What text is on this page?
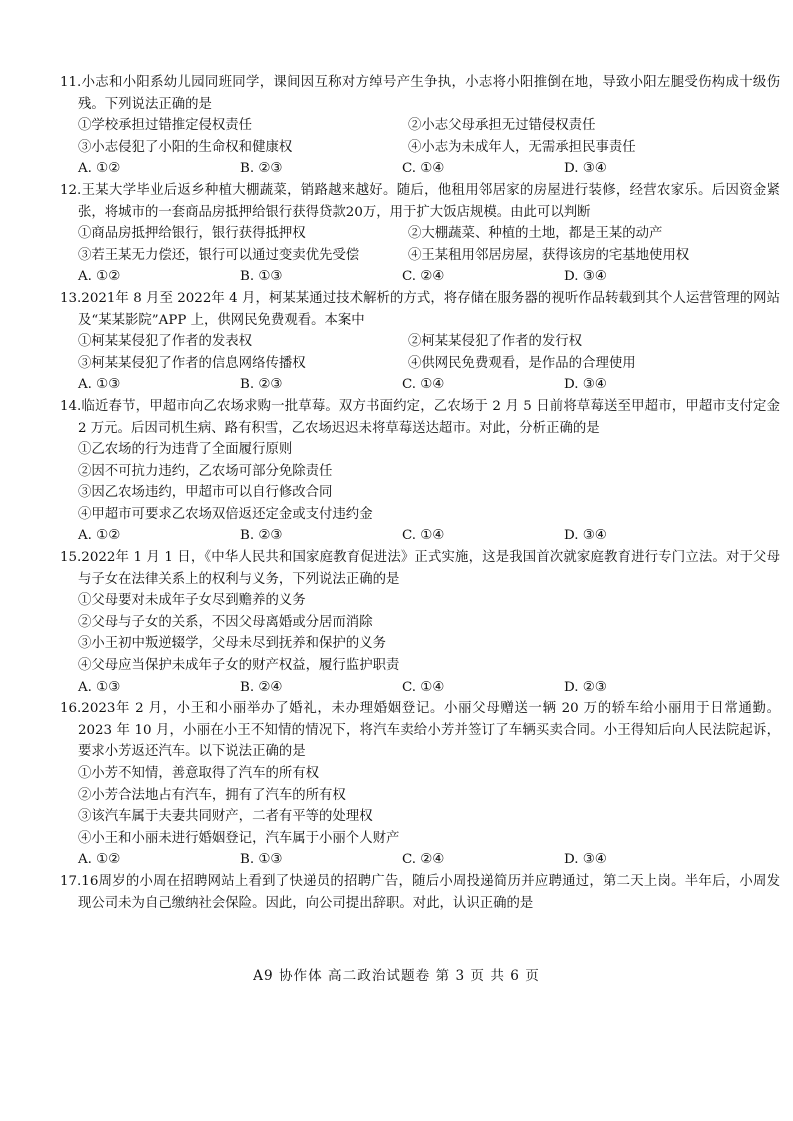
11.小志和小阳系幼儿园同班同学，课间因互称对方绰号产生争执，小志将小阳推倒在地，导致小阳左腿受伤构成十级伤残。下列说法正确的是
①学校承担过错推定侵权责任	②小志父母承担无过错侵权责任
③小志侵犯了小阳的生命权和健康权	④小志为未成年人，无需承担民事责任
A. ①②	B. ②③	C. ①④	D. ③④
12.王某大学毕业后返乡种植大棚蔬菜，销路越来越好。随后，他租用邻居家的房屋进行装修，经营农家乐。后因资金紧张，将城市的一套商品房抵押给银行获得贷款20万，用于扩大饭店规模。由此可以判断
①商品房抵押给银行，银行获得抵押权	②大棚蔬菜、种植的土地，都是王某的动产
③若王某无力偿还，银行可以通过变卖优先受偿	④王某租用邻居房屋，获得该房的宅基地使用权
A. ①②	B. ①③	C. ②④	D. ③④
13.2021年 8 月至 2022年 4 月，柯某某通过技术解析的方式，将存储在服务器的视听作品转载到其个人运营管理的网站及“某某影院”APP 上，供网民免费观看。本案中
①柯某某侵犯了作者的发表权	②柯某某侵犯了作者的发行权
③柯某某侵犯了作者的信息网络传播权	④供网民免费观看，是作品的合理使用
A. ①③	B. ②③	C. ①④	D. ③④
14.临近春节，甲超市向乙农场求购一批草莓。双方书面约定，乙农场于 2 月 5 日前将草莓送至甲超市，甲超市支付定金 2 万元。后因司机生病、路有积雪，乙农场迟迟未将草莓送达超市。对此，分析正确的是
①乙农场的行为违背了全面履行原则
②因不可抗力违约，乙农场可部分免除责任
③因乙农场违约，甲超市可以自行修改合同
④甲超市可要求乙农场双倍返还定金或支付违约金
A. ①②	B. ②③	C. ①④	D. ③④
15.2022年 1 月 1 日，《中华人民共和国家庭教育促进法》正式实施，这是我国首次就家庭教育进行专门立法。对于父母与子女在法律关系上的权利与义务，下列说法正确的是
①父母要对未成年子女尽到赡养的义务
②父母与子女的关系，不因父母离婚或分居而消除
③小王初中叛逆辍学，父母未尽到抚养和保护的义务
④父母应当保护未成年子女的财产权益，履行监护职责
A. ①③	B. ②④	C. ①④	D. ②③
16.2023年 2 月，小王和小丽举办了婚礼，未办理婚姻登记。小丽父母赠送一辆 20 万的轿车给小丽用于日常通勤。2023 年 10 月，小丽在小王不知情的情况下，将汽车卖给小芳并签订了车辆买卖合同。小王得知后向人民法院起诉，要求小芳返还汽车。以下说法正确的是
①小芳不知情，善意取得了汽车的所有权
②小芳合法地占有汽车，拥有了汽车的所有权
③该汽车属于夫妻共同财产，二者有平等的处理权
④小王和小丽未进行婚姻登记，汽车属于小丽个人财产
A. ①②	B. ①③	C. ②④	D. ③④
17.16周岁的小周在招聘网站上看到了快递员的招聘广告，随后小周投递简历并应聘通过，第二天上岗。半年后，小周发现公司未为自己缴纳社会保险。因此，向公司提出辞职。对此，认识正确的是
A9 协作体 高二政治试题卷 第 3 页 共 6 页
